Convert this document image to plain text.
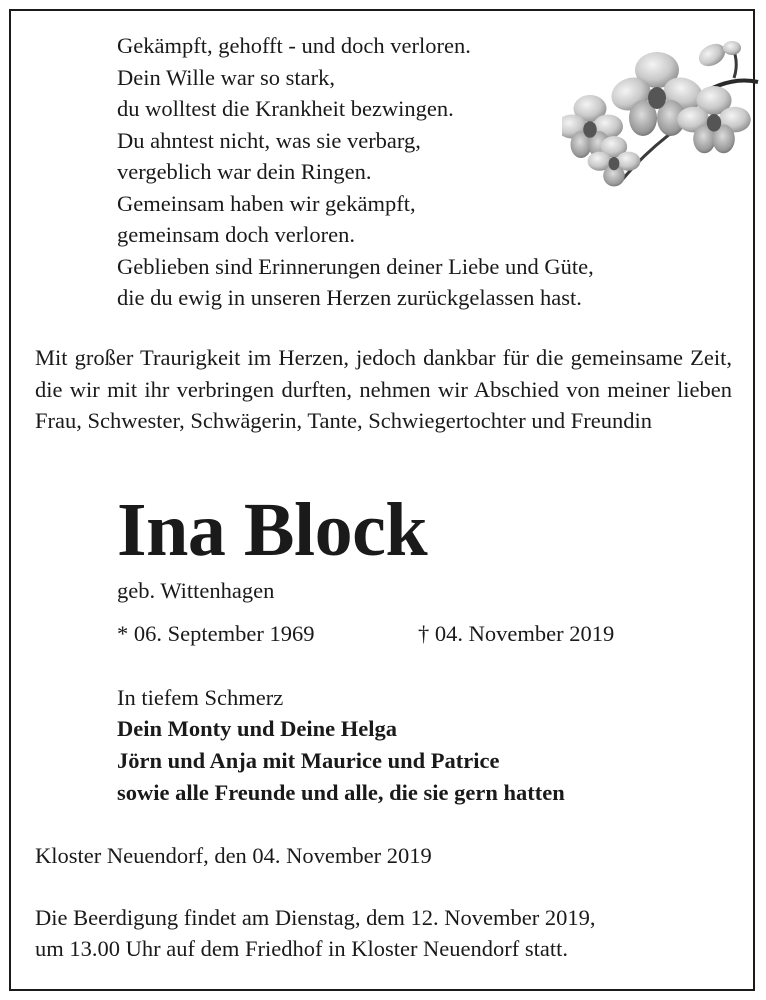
Gekämpft, gehofft - und doch verloren.
Dein Wille war so stark,
du wolltest die Krankheit bezwingen.
Du ahntest nicht, was sie verbarg,
vergeblich war dein Ringen.
Gemeinsam haben wir gekämpft,
gemeinsam doch verloren.
Geblieben sind Erinnerungen deiner Liebe und Güte,
die du ewig in unseren Herzen zurückgelassen hast.
Mit großer Traurigkeit im Herzen, jedoch dankbar für die gemeinsame Zeit, die wir mit ihr verbringen durften, nehmen wir Abschied von meiner lieben Frau, Schwester, Schwägerin, Tante, Schwiegertochter und Freundin
Ina Block
geb. Wittenhagen
* 06. September 1969	† 04. November 2019
In tiefem Schmerz
Dein Monty und Deine Helga
Jörn und Anja mit Maurice und Patrice
sowie alle Freunde und alle, die sie gern hatten
Kloster Neuendorf, den 04. November 2019
Die Beerdigung findet am Dienstag, dem 12. November 2019,
um 13.00 Uhr auf dem Friedhof in Kloster Neuendorf statt.
